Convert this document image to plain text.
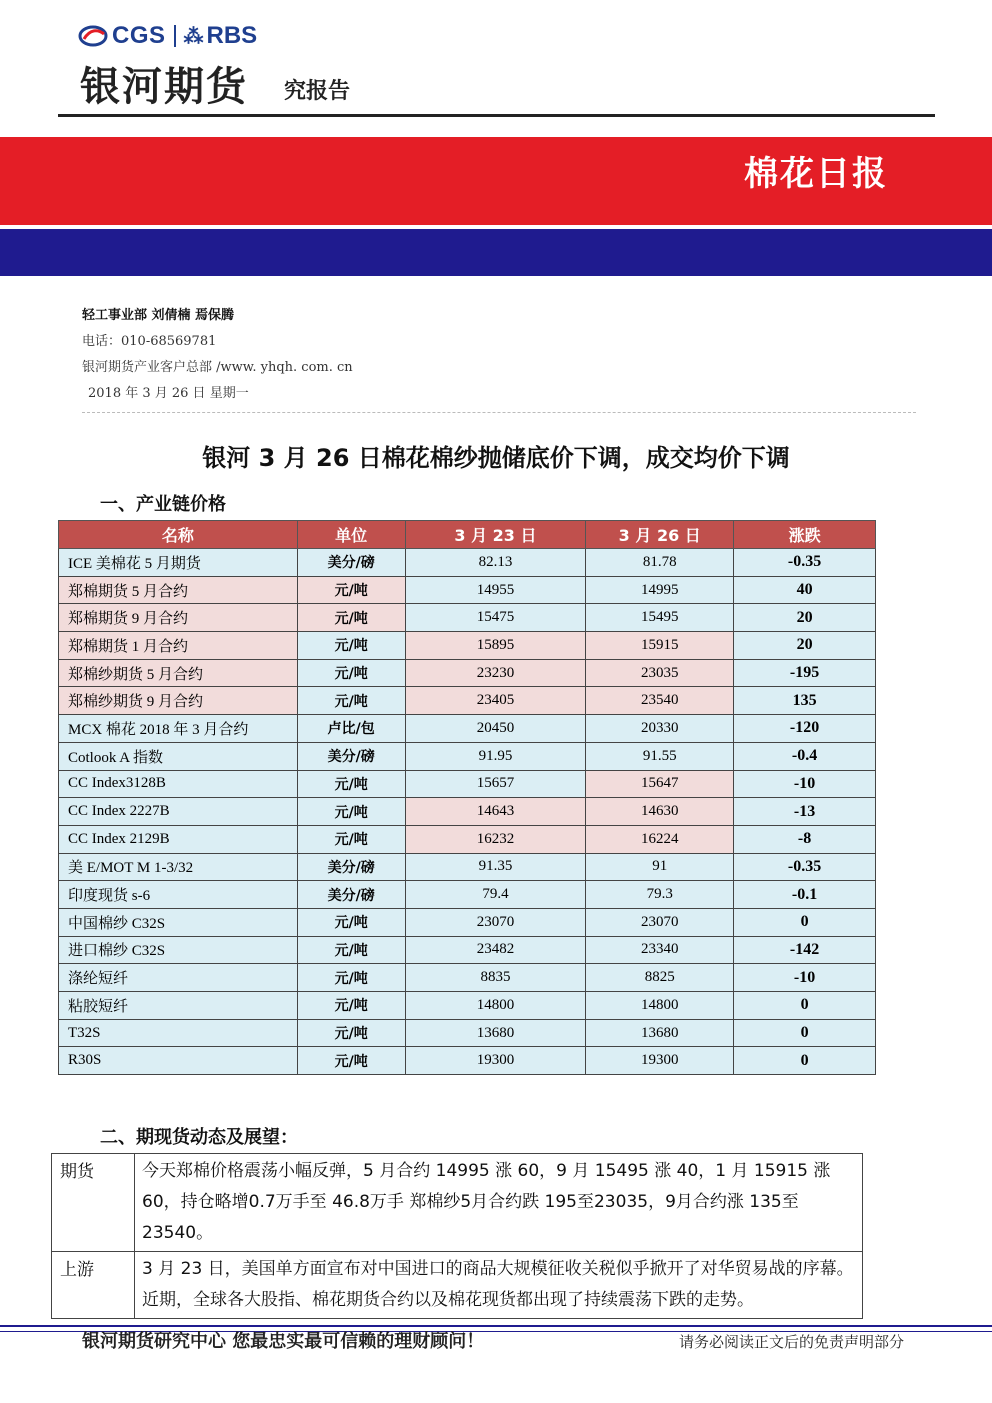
CGS ⁂ RBS
银河期货 究报告
棉花日报
轻工事业部 刘倩楠 焉保腾
电话：010-68569781
银河期货产业客户总部 /www. yhqh. com. cn
2018 年 3 月 26 日 星期一
银河 3 月 26 日棉花棉纱抛储底价下调，成交均价下调
一、产业链价格
名称	单位	3 月 23 日	3 月 26 日	涨跌
ICE 美棉花 5 月期货	美分/磅	82.13	81.78	-0.35
郑棉期货 5 月合约	元/吨	14955	14995	40
郑棉期货 9 月合约	元/吨	15475	15495	20
郑棉期货 1 月合约	元/吨	15895	15915	20
郑棉纱期货 5 月合约	元/吨	23230	23035	-195
郑棉纱期货 9 月合约	元/吨	23405	23540	135
MCX 棉花 2018 年 3 月合约	卢比/包	20450	20330	-120
Cotlook A 指数	美分/磅	91.95	91.55	-0.4
CC Index3128B	元/吨	15657	15647	-10
CC Index 2227B	元/吨	14643	14630	-13
CC Index 2129B	元/吨	16232	16224	-8
美 E/MOT M 1-3/32	美分/磅	91.35	91	-0.35
印度现货 s-6	美分/磅	79.4	79.3	-0.1
中国棉纱 C32S	元/吨	23070	23070	0
进口棉纱 C32S	元/吨	23482	23340	-142
涤纶短纤	元/吨	8835	8825	-10
粘胶短纤	元/吨	14800	14800	0
T32S	元/吨	13680	13680	0
R30S	元/吨	19300	19300	0
二、期现货动态及展望：
期货	今天郑棉价格震荡小幅反弹，5 月合约 14995 涨 60，9 月 15495 涨 40，1 月 15915 涨 60，持仓略增0.7万手至 46.8万手 郑棉纱5月合约跌 195至23035，9月合约涨 135至23540。
上游	3 月 23 日，美国单方面宣布对中国进口的商品大规模征收关税似乎掀开了对华贸易战的序幕。近期，全球各大股指、棉花期货合约以及棉花现货都出现了持续震荡下跌的走势。
银河期货研究中心 您最忠实最可信赖的理财顾问！	请务必阅读正文后的免责声明部分
